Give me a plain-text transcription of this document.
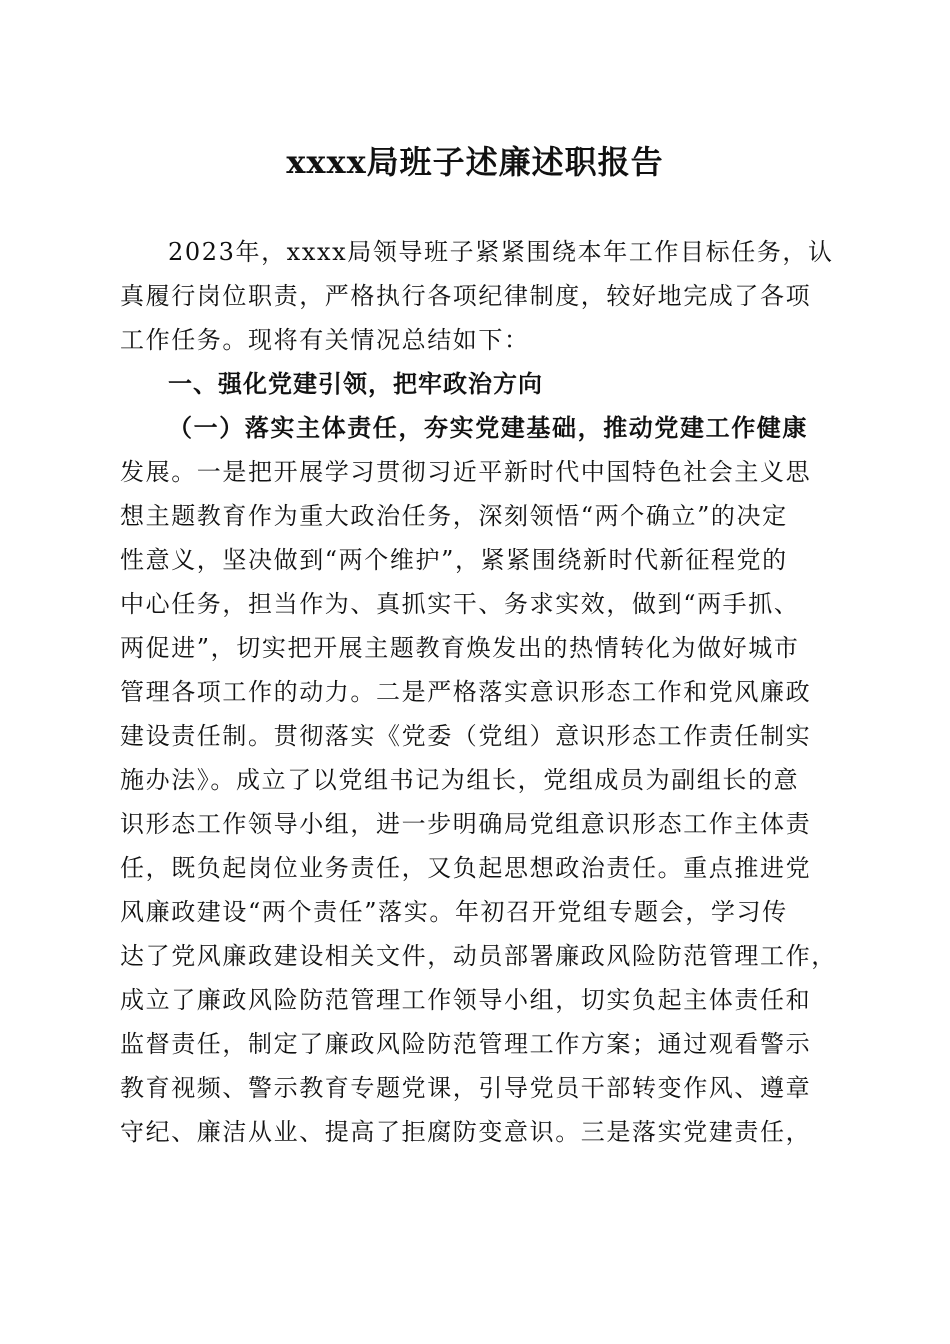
xxxx局班子述廉述职报告
2023年，xxxx局领导班子紧紧围绕本年工作目标任务，认
真履行岗位职责，严格执行各项纪律制度，较好地完成了各项
工作任务。现将有关情况总结如下：
一、强化党建引领，把牢政治方向
（一）落实主体责任，夯实党建基础，推动党建工作健康
发展。一是把开展学习贯彻习近平新时代中国特色社会主义思
想主题教育作为重大政治任务，深刻领悟“两个确立”的决定
性意义，坚决做到“两个维护”，紧紧围绕新时代新征程党的
中心任务，担当作为、真抓实干、务求实效，做到“两手抓、
两促进”，切实把开展主题教育焕发出的热情转化为做好城市
管理各项工作的动力。二是严格落实意识形态工作和党风廉政
建设责任制。贯彻落实《党委（党组）意识形态工作责任制实
施办法》。成立了以党组书记为组长，党组成员为副组长的意
识形态工作领导小组，进一步明确局党组意识形态工作主体责
任，既负起岗位业务责任，又负起思想政治责任。重点推进党
风廉政建设“两个责任”落实。年初召开党组专题会，学习传
达了党风廉政建设相关文件，动员部署廉政风险防范管理工作，
成立了廉政风险防范管理工作领导小组，切实负起主体责任和
监督责任，制定了廉政风险防范管理工作方案；通过观看警示
教育视频、警示教育专题党课，引导党员干部转变作风、遵章
守纪、廉洁从业、提高了拒腐防变意识。三是落实党建责任，
